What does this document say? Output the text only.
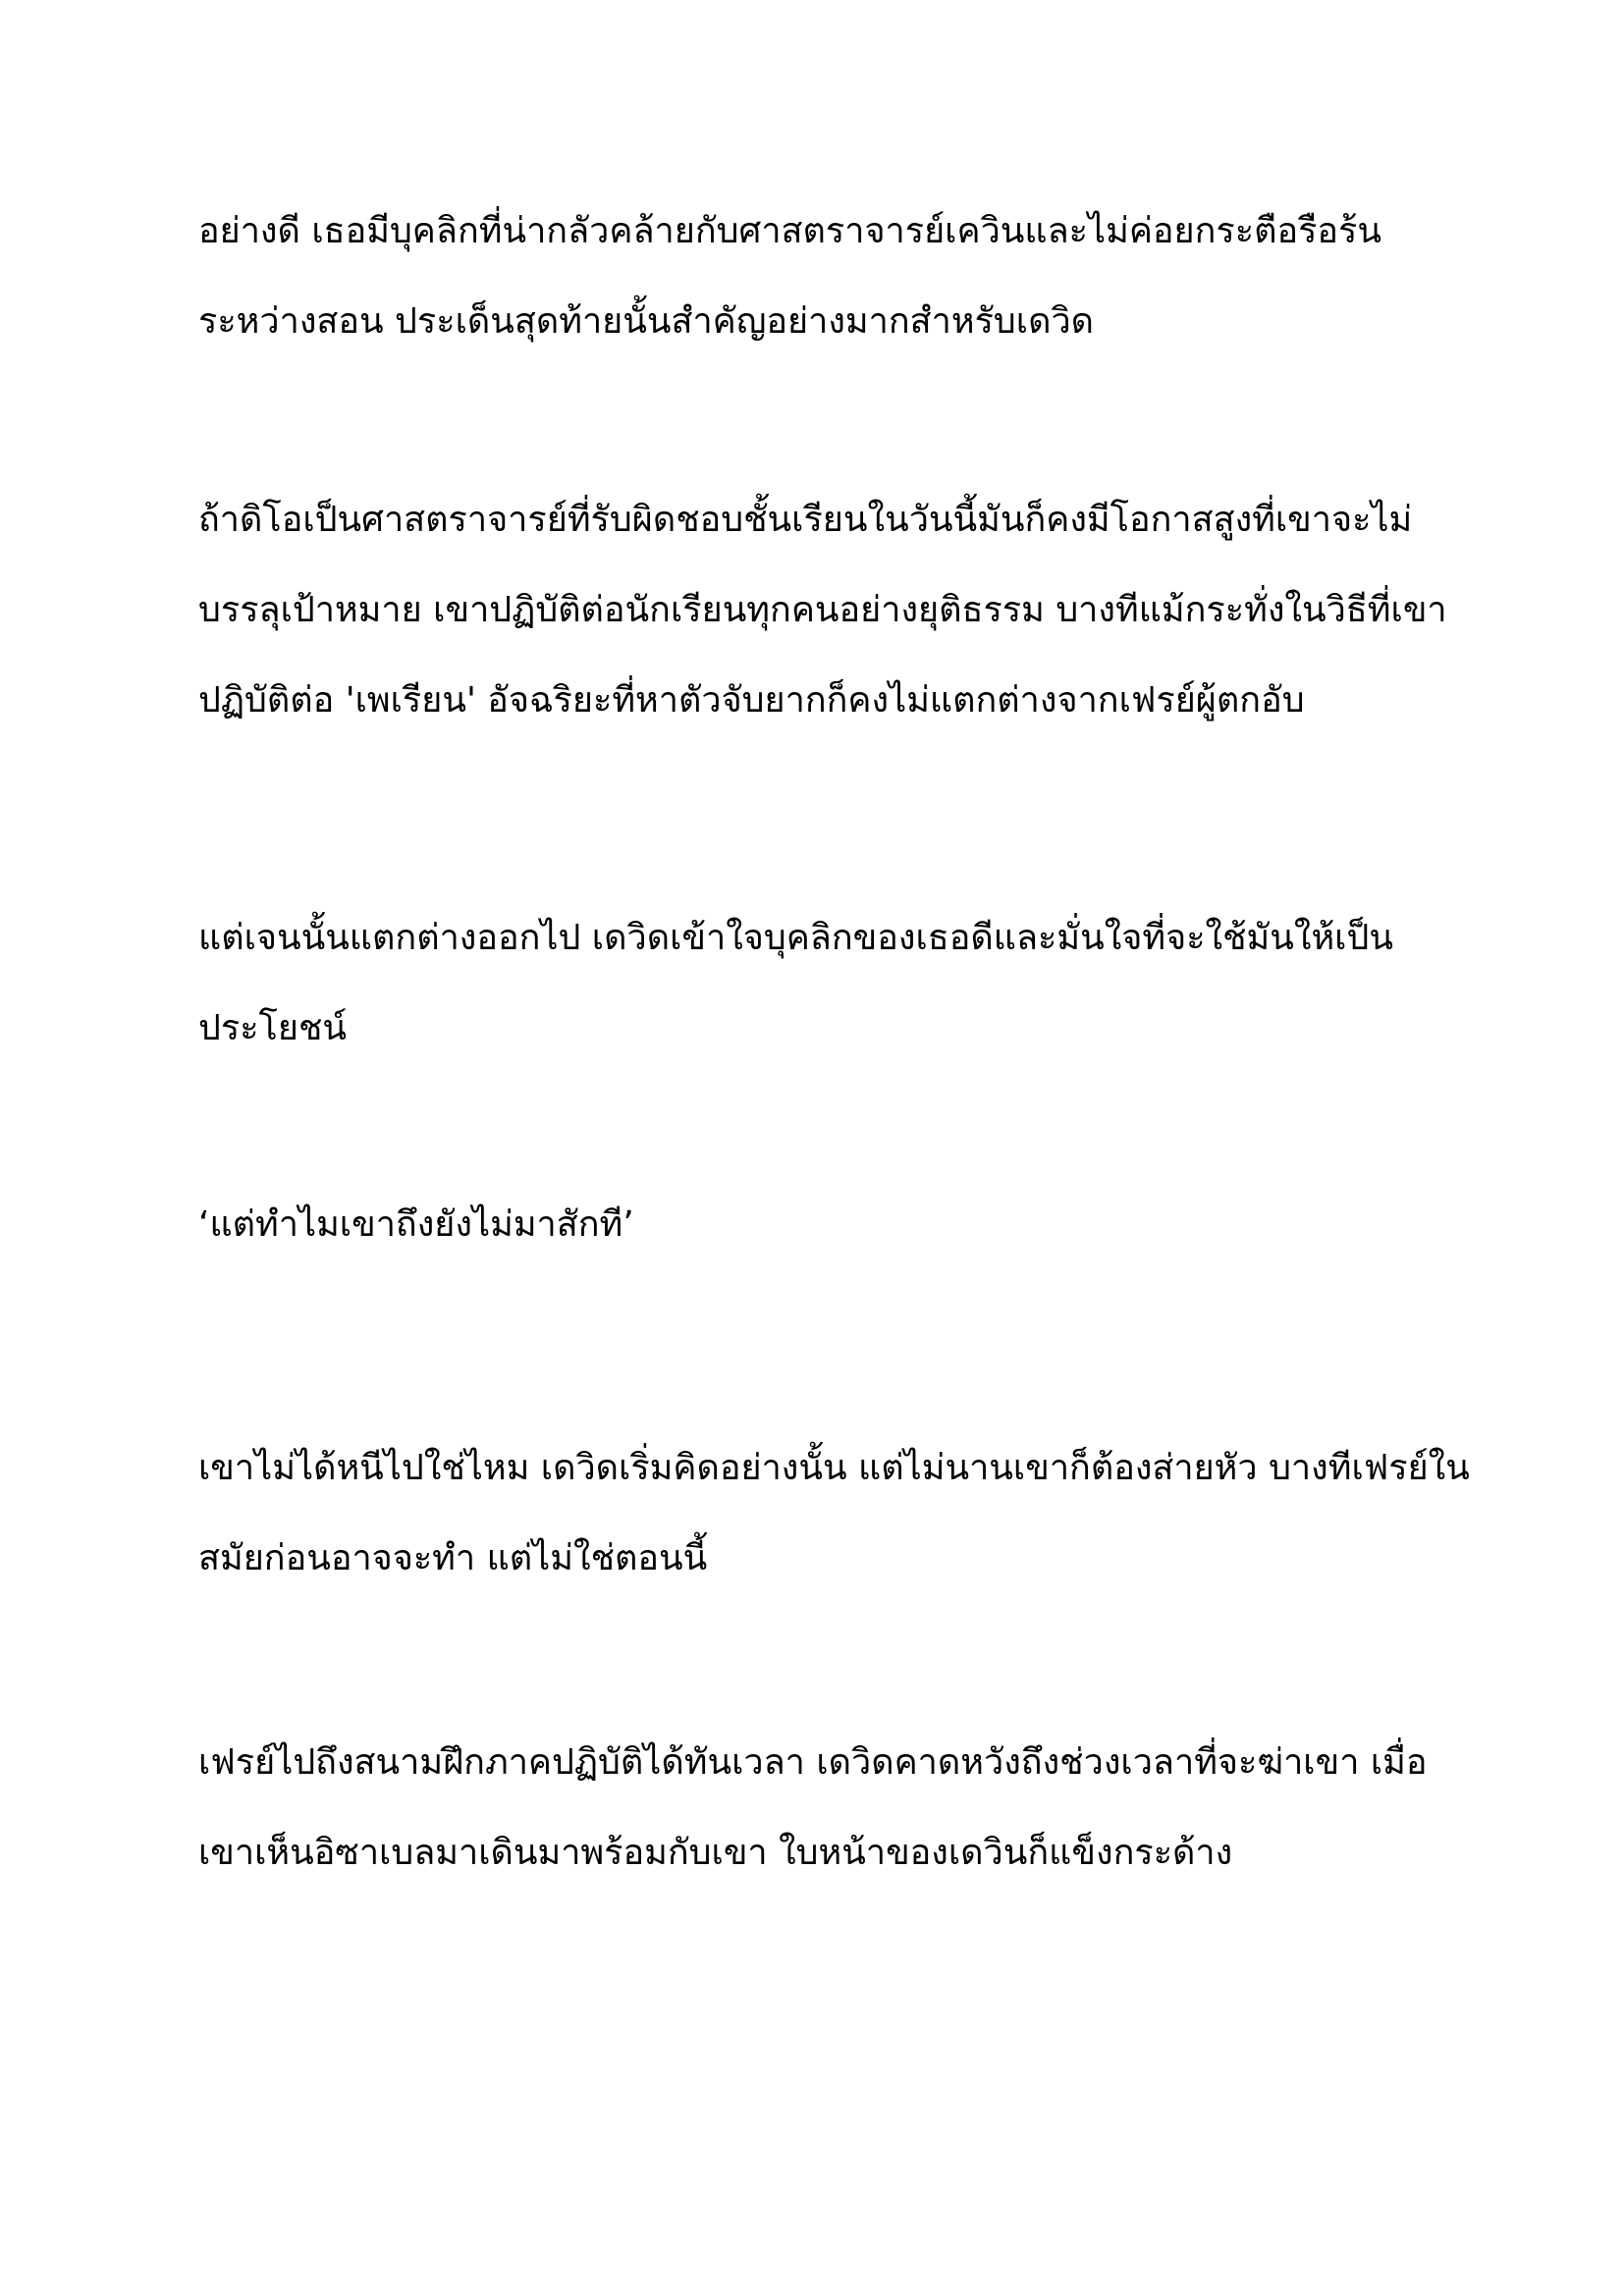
อย่างดี เธอมีบุคลิกที่น่ากลัวคล้ายกับศาสตราจารย์เควินและไม่ค่อยกระตือรือร้น
ระหว่างสอน ประเด็นสุดท้ายนั้นสำคัญอย่างมากสำหรับเดวิด

ถ้าดิโอเป็นศาสตราจารย์ที่รับผิดชอบชั้นเรียนในวันนี้มันก็คงมีโอกาสสูงที่เขาจะไม่
บรรลุเป้าหมาย เขาปฏิบัติต่อนักเรียนทุกคนอย่างยุติธรรม บางทีแม้กระทั่งในวิธีที่เขา
ปฏิบัติต่อ 'เพเรียน' อัจฉริยะที่หาตัวจับยากก็คงไม่แตกต่างจากเฟรย์ผู้ตกอับ

แต่เจนนั้นแตกต่างออกไป เดวิดเข้าใจบุคลิกของเธอดีและมั่นใจที่จะใช้มันให้เป็น
ประโยชน์

‘แต่ทำไมเขาถึงยังไม่มาสักที’

เขาไม่ได้หนีไปใช่ไหม เดวิดเริ่มคิดอย่างนั้น แต่ไม่นานเขาก็ต้องส่ายหัว บางทีเฟรย์ใน
สมัยก่อนอาจจะทำ แต่ไม่ใช่ตอนนี้

เฟรย์ไปถึงสนามฝึกภาคปฏิบัติได้ทันเวลา เดวิดคาดหวังถึงช่วงเวลาที่จะฆ่าเขา เมื่อ
เขาเห็นอิซาเบลมาเดินมาพร้อมกับเขา ใบหน้าของเดวินก็แข็งกระด้าง
